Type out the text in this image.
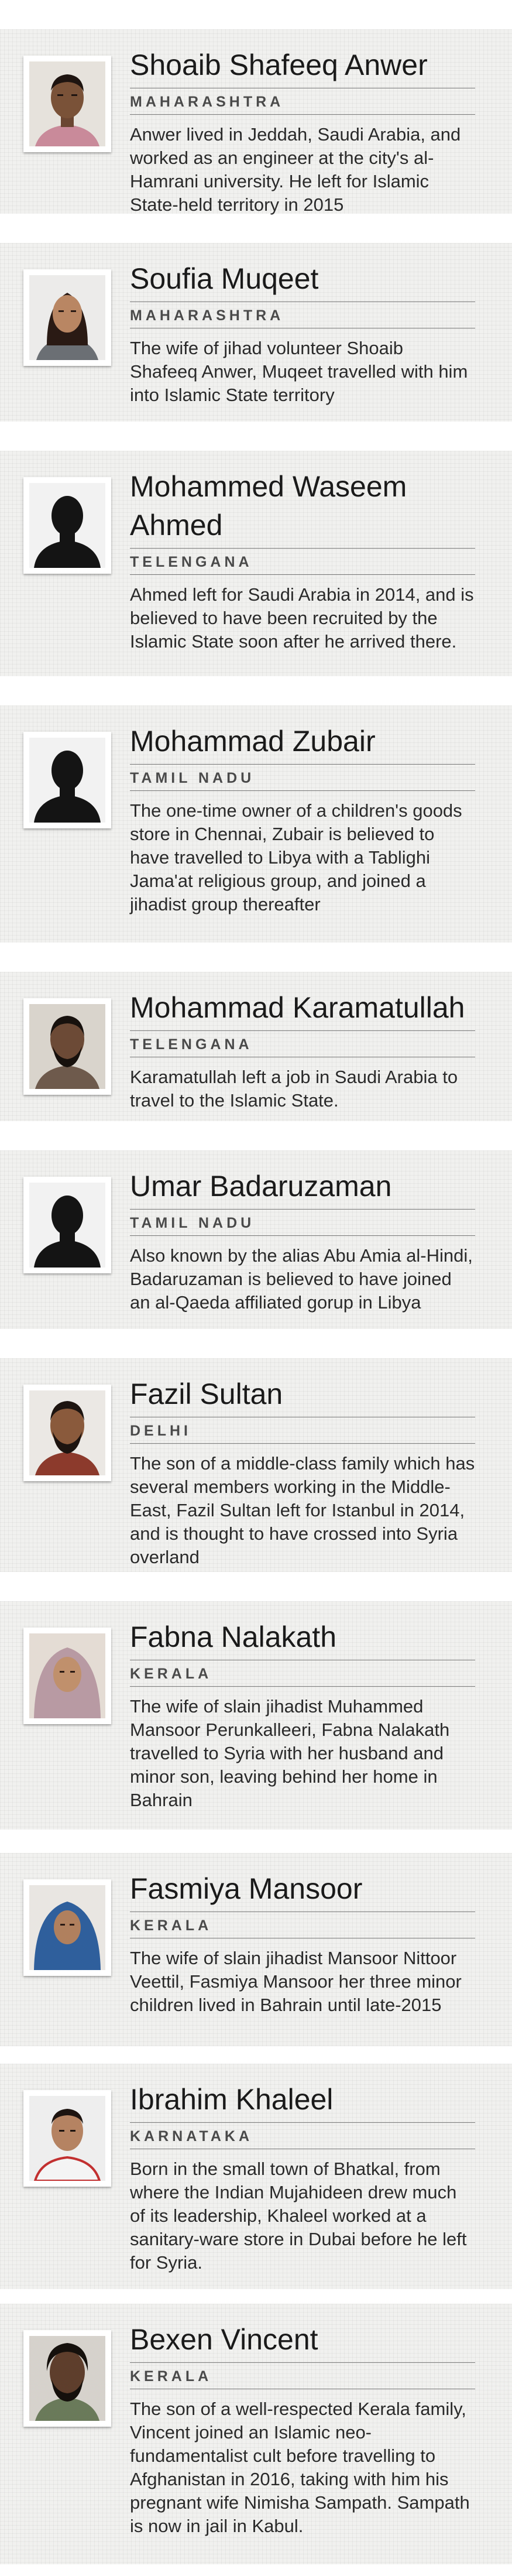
Shoaib Shafeeq Anwer
MAHARASHTRA
Anwer lived in Jeddah, Saudi Arabia, and worked as an engineer at the city's al-Hamrani university. He left for Islamic State-held territory in 2015
Soufia Muqeet
MAHARASHTRA
The wife of jihad volunteer Shoaib Shafeeq Anwer, Muqeet travelled with him into Islamic State territory
Mohammed Waseem Ahmed
TELENGANA
Ahmed left for Saudi Arabia in 2014, and is believed to have been recruited by the Islamic State soon after he arrived there.
Mohammad Zubair
TAMIL NADU
The one-time owner of a children's goods store in Chennai, Zubair is believed to have travelled to Libya with a Tablighi Jama'at religious group, and joined a jihadist group thereafter
Mohammad Karamatullah
TELENGANA
Karamatullah left a job in Saudi Arabia to travel to the Islamic State.
Umar Badaruzaman
TAMIL NADU
Also known by the alias Abu Amia al-Hindi, Badaruzaman is believed to have joined an al-Qaeda affiliated gorup in Libya
Fazil Sultan
DELHI
The son of a middle-class family which has several members working in the Middle-East, Fazil Sultan left for Istanbul in 2014, and is thought to have crossed into Syria overland
Fabna Nalakath
KERALA
The wife of slain jihadist Muhammed Mansoor Perunkalleeri, Fabna Nalakath travelled to Syria with her husband and minor son, leaving behind her home in Bahrain
Fasmiya Mansoor
KERALA
The wife of slain jihadist Mansoor Nittoor Veettil, Fasmiya Mansoor her three minor children lived in Bahrain until late-2015
Ibrahim Khaleel
KARNATAKA
Born in the small town of Bhatkal, from where the Indian Mujahideen drew much of its leadership, Khaleel worked at a sanitary-ware store in Dubai before he left for Syria.
Bexen Vincent
KERALA
The son of a well-respected Kerala family, Vincent joined an Islamic neo-fundamentalist cult before travelling to Afghanistan in 2016, taking with him his pregnant wife Nimisha Sampath. Sampath is now in jail in Kabul.
